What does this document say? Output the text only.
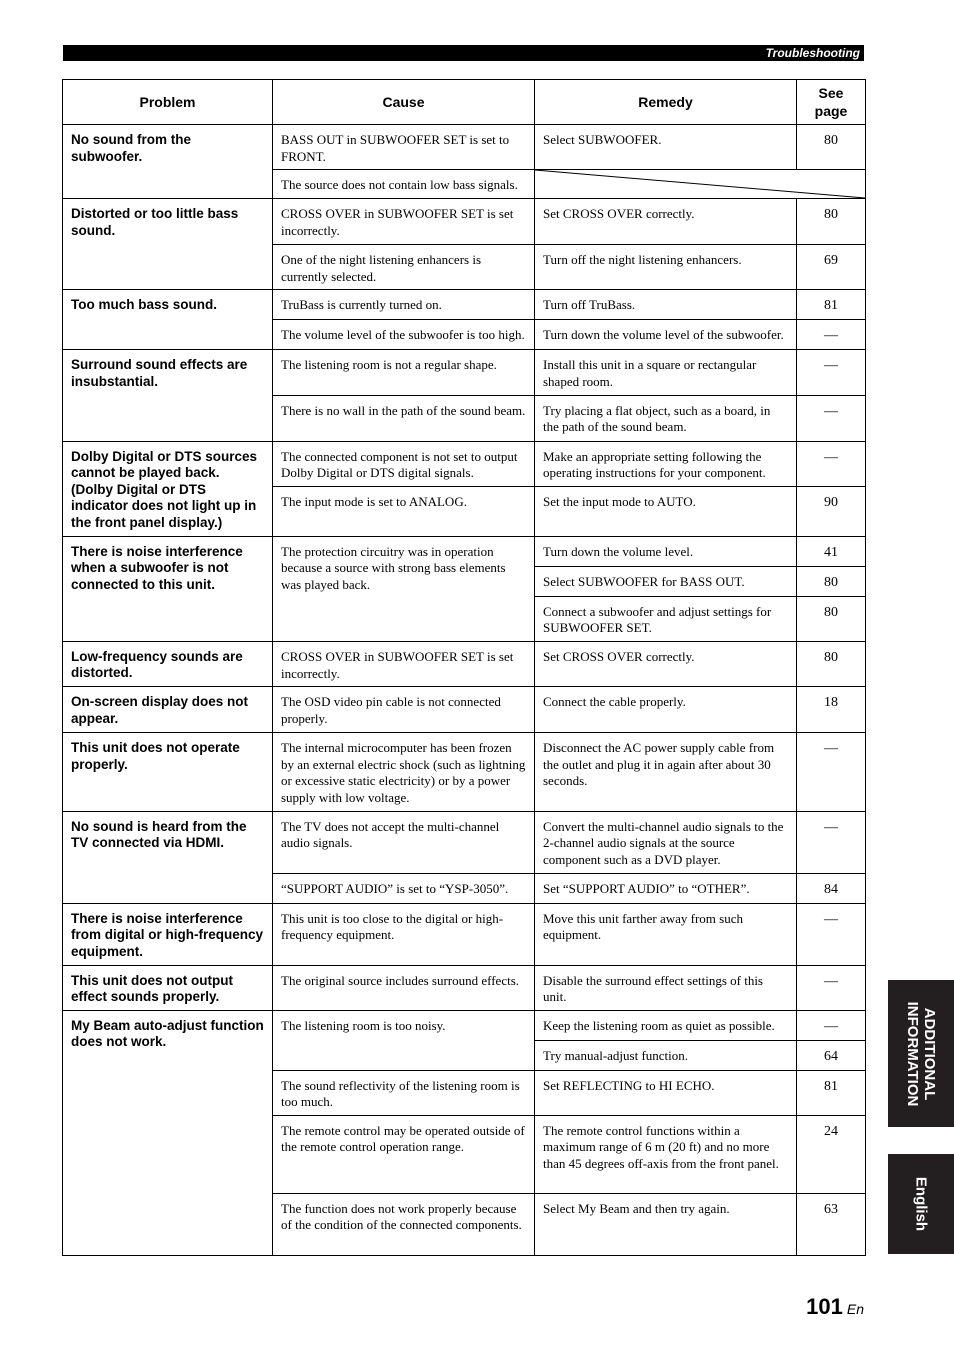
Troubleshooting
Problem	Cause	Remedy	See page
No sound from the subwoofer.	BASS OUT in SUBWOOFER SET is set to FRONT.	Select SUBWOOFER.	80
	The source does not contain low bass signals.	

Distorted or too little bass sound.	CROSS OVER in SUBWOOFER SET is set incorrectly.	Set CROSS OVER correctly.	80
	One of the night listening enhancers is currently selected.	Turn off the night listening enhancers.	69
Too much bass sound.	TruBass is currently turned on.	Turn off TruBass.	81
	The volume level of the subwoofer is too high.	Turn down the volume level of the subwoofer.	—
Surround sound effects are insubstantial.	The listening room is not a regular shape.	Install this unit in a square or rectangular shaped room.	—
	There is no wall in the path of the sound beam.	Try placing a flat object, such as a board, in the path of the sound beam.	—
Dolby Digital or DTS sources cannot be played back. (Dolby Digital or DTS indicator does not light up in the front panel display.)	The connected component is not set to output Dolby Digital or DTS digital signals.	Make an appropriate setting following the operating instructions for your component.	—
	The input mode is set to ANALOG.	Set the input mode to AUTO.	90
There is noise interference when a subwoofer is not connected to this unit.	The protection circuitry was in operation because a source with strong bass elements was played back.	Turn down the volume level.	41
		Select SUBWOOFER for BASS OUT.	80
		Connect a subwoofer and adjust settings for SUBWOOFER SET.	80
Low-frequency sounds are distorted.	CROSS OVER in SUBWOOFER SET is set incorrectly.	Set CROSS OVER correctly.	80
On-screen display does not appear.	The OSD video pin cable is not connected properly.	Connect the cable properly.	18
This unit does not operate properly.	The internal microcomputer has been frozen by an external electric shock (such as lightning or excessive static electricity) or by a power supply with low voltage.	Disconnect the AC power supply cable from the outlet and plug it in again after about 30 seconds.	—
No sound is heard from the TV connected via HDMI.	The TV does not accept the multi-channel audio signals.	Convert the multi-channel audio signals to the 2-channel audio signals at the source component such as a DVD player.	—
	“SUPPORT AUDIO” is set to “YSP-3050”.	Set “SUPPORT AUDIO” to “OTHER”.	84
There is noise interference from digital or high-frequency equipment.	This unit is too close to the digital or high-frequency equipment.	Move this unit farther away from such equipment.	—
This unit does not output effect sounds properly.	The original source includes surround effects.	Disable the surround effect settings of this unit.	—
My Beam auto-adjust function does not work.	The listening room is too noisy.	Keep the listening room as quiet as possible.	—
		Try manual-adjust function.	64
	The sound reflectivity of the listening room is too much.	Set REFLECTING to HI ECHO.	81
	The remote control may be operated outside of the remote control operation range.	The remote control functions within a maximum range of 6 m (20 ft) and no more than 45 degrees off-axis from the front panel.	24
	The function does not work properly because of the condition of the connected components.	Select My Beam and then try again.	63
ADDITIONAL INFORMATION
English
101 En
